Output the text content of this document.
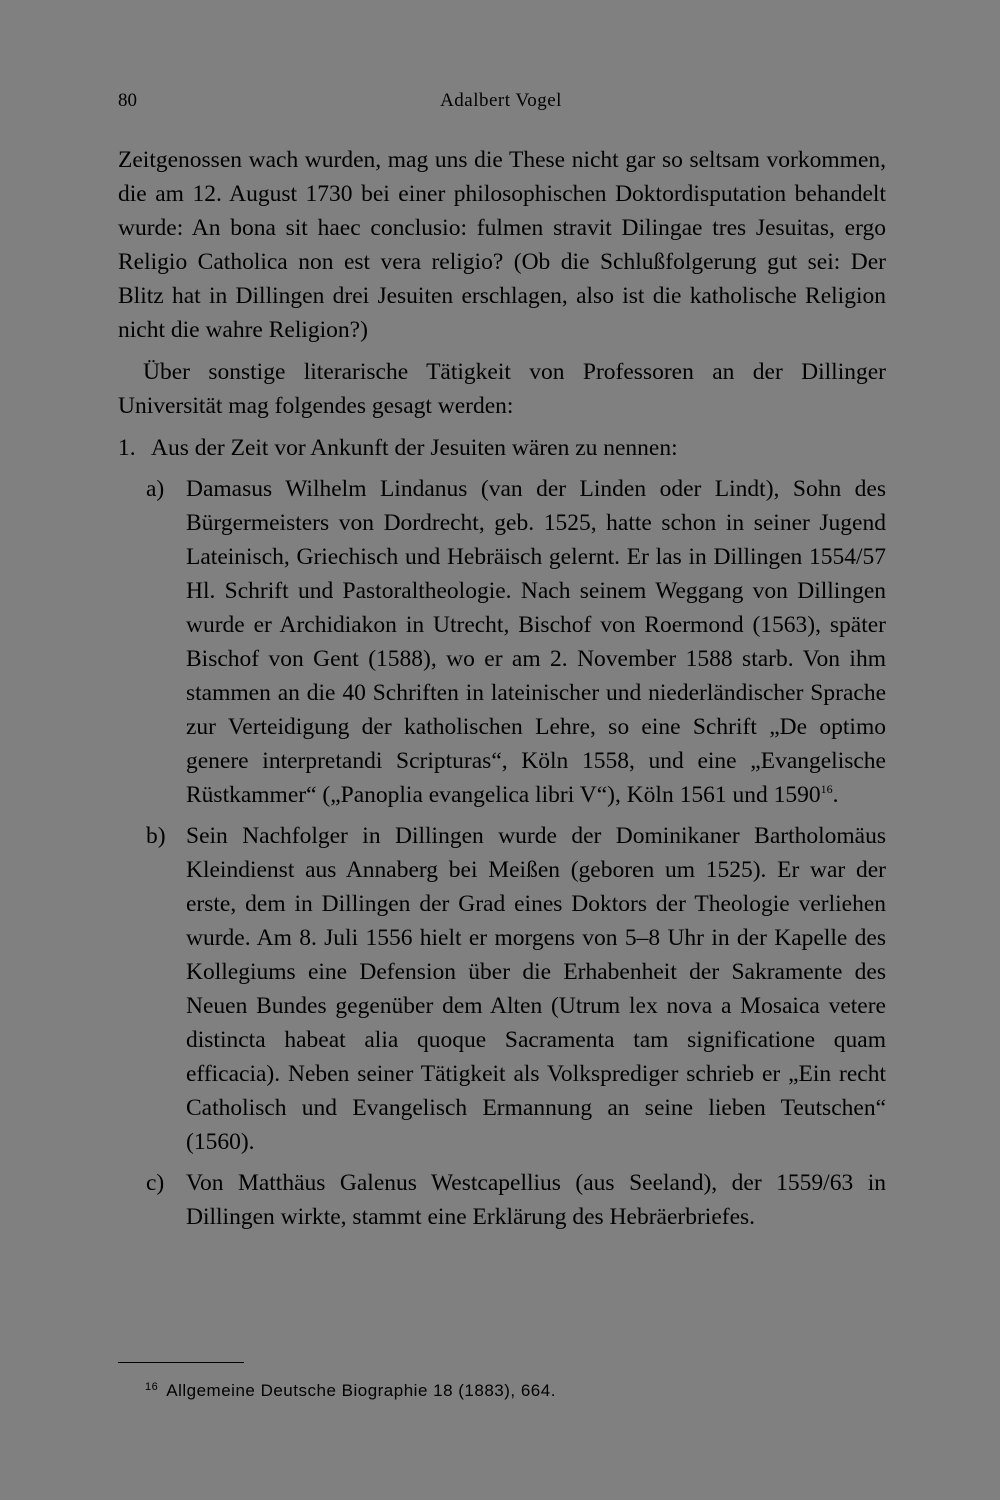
80	Adalbert Vogel

Zeitgenossen wach wurden, mag uns die These nicht gar so seltsam vorkommen, die am 12. August 1730 bei einer philosophischen Doktordisputation behandelt wurde: An bona sit haec conclusio: fulmen stravit Dilingae tres Jesuitas, ergo Religio Catholica non est vera religio? (Ob die Schlußfolgerung gut sei: Der Blitz hat in Dillingen drei Jesuiten erschlagen, also ist die katholische Religion nicht die wahre Religion?)

Über sonstige literarische Tätigkeit von Professoren an der Dillinger Universität mag folgendes gesagt werden:

1. Aus der Zeit vor Ankunft der Jesuiten wären zu nennen:
a) Damasus Wilhelm Lindanus (van der Linden oder Lindt), Sohn des Bürgermeisters von Dordrecht, geb. 1525, hatte schon in seiner Jugend Lateinisch, Griechisch und Hebräisch gelernt. Er las in Dillingen 1554/57 Hl. Schrift und Pastoraltheologie. Nach seinem Weggang von Dillingen wurde er Archidiakon in Utrecht, Bischof von Roermond (1563), später Bischof von Gent (1588), wo er am 2. November 1588 starb. Von ihm stammen an die 40 Schriften in lateinischer und niederländischer Sprache zur Verteidigung der katholischen Lehre, so eine Schrift „De optimo genere interpretandi Scripturas“, Köln 1558, und eine „Evangelische Rüstkammer“ („Panoplia evangelica libri V“), Köln 1561 und 1590$^{16}$.
b) Sein Nachfolger in Dillingen wurde der Dominikaner Bartholomäus Kleindienst aus Annaberg bei Meißen (geboren um 1525). Er war der erste, dem in Dillingen der Grad eines Doktors der Theologie verliehen wurde. Am 8. Juli 1556 hielt er morgens von 5–8 Uhr in der Kapelle des Kollegiums eine Defension über die Erhabenheit der Sakramente des Neuen Bundes gegenüber dem Alten (Utrum lex nova a Mosaica vetere distincta habeat alia quoque Sacramenta tam significatione quam efficacia). Neben seiner Tätigkeit als Volksprediger schrieb er „Ein recht Catholisch und Evangelisch Ermannung an seine lieben Teutschen“ (1560).
c) Von Matthäus Galenus Westcapellius (aus Seeland), der 1559/63 in Dillingen wirkte, stammt eine Erklärung des Hebräerbriefes.
$^{16}$ Allgemeine Deutsche Biographie 18 (1883), 664.
